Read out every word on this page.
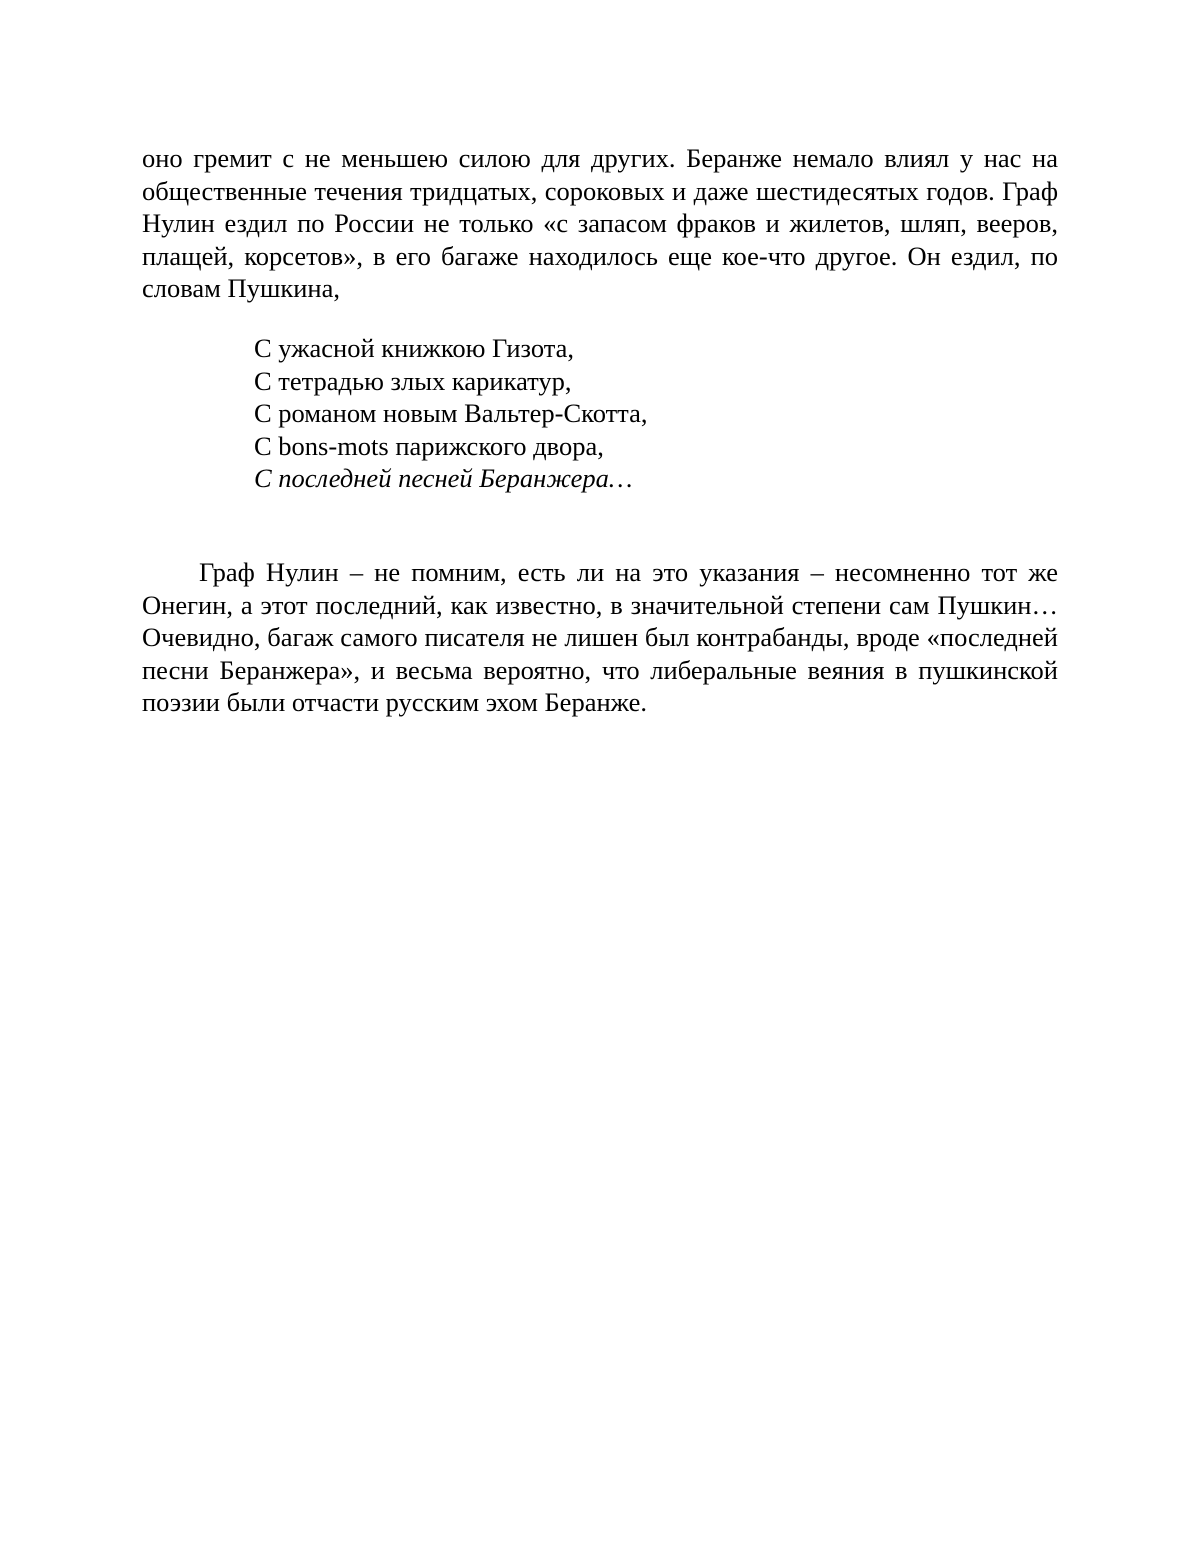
оно гремит с не меньшею силою для других. Беранже немало влиял у нас на общественные течения тридцатых, сороковых и даже шестидесятых годов. Граф Нулин ездил по России не только «с запасом фраков и жилетов, шляп, вееров, плащей, корсетов», в его багаже находилось еще кое-что другое. Он ездил, по словам Пушкина,

С ужасной книжкою Гизота,
С тетрадью злых карикатур,
С романом новым Вальтер-Скотта,
С bons-mots парижского двора,
С последней песней Беранжера…

Граф Нулин – не помним, есть ли на это указания – несомненно тот же Онегин, а этот последний, как известно, в значительной степени сам Пушкин… Очевидно, багаж самого писателя не лишен был контрабанды, вроде «последней песни Беранжера», и весьма вероятно, что либеральные веяния в пушкинской поэзии были отчасти русским эхом Беранже.
